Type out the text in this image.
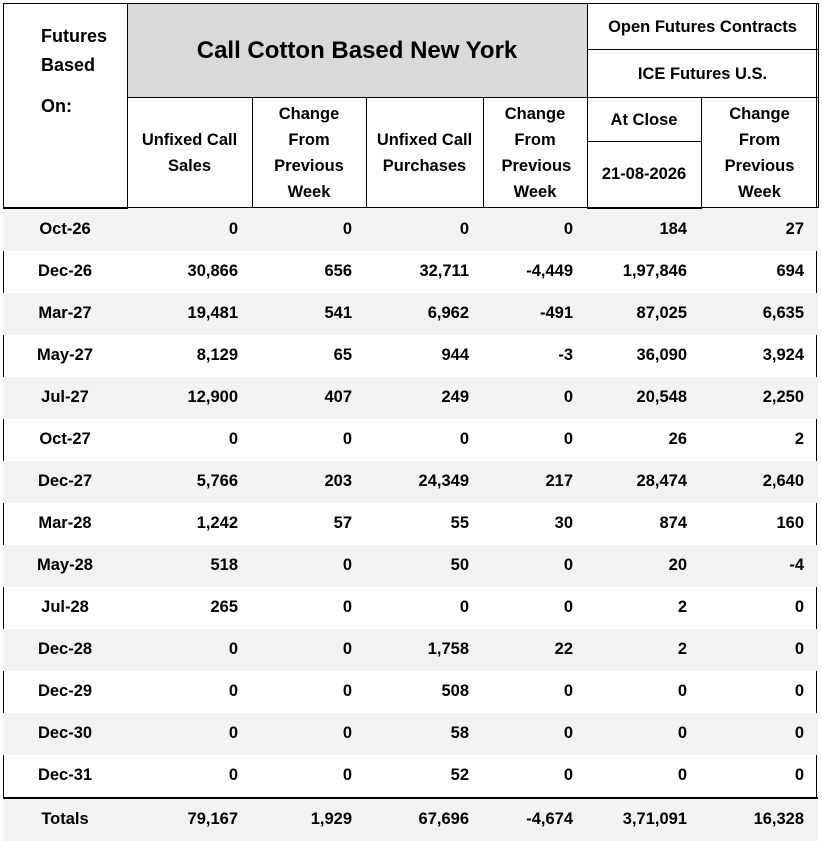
Futures
Based
On:	Call Cotton Based New York				Open Futures Contracts	
					ICE Futures U.S.	
	Unfixed Call Sales	Change From Previous Week	Unfixed Call Purchases	Change From Previous Week	At Close	Change From Previous Week
					21-08-2026	
Oct-26	0	0	0	0	184	27
Dec-26	30,866	656	32,711	-4,449	1,97,846	694
Mar-27	19,481	541	6,962	-491	87,025	6,635
May-27	8,129	65	944	-3	36,090	3,924
Jul-27	12,900	407	249	0	20,548	2,250
Oct-27	0	0	0	0	26	2
Dec-27	5,766	203	24,349	217	28,474	2,640
Mar-28	1,242	57	55	30	874	160
May-28	518	0	50	0	20	-4
Jul-28	265	0	0	0	2	0
Dec-28	0	0	1,758	22	2	0
Dec-29	0	0	508	0	0	0
Dec-30	0	0	58	0	0	0
Dec-31	0	0	52	0	0	0
Totals	79,167	1,929	67,696	-4,674	3,71,091	16,328
